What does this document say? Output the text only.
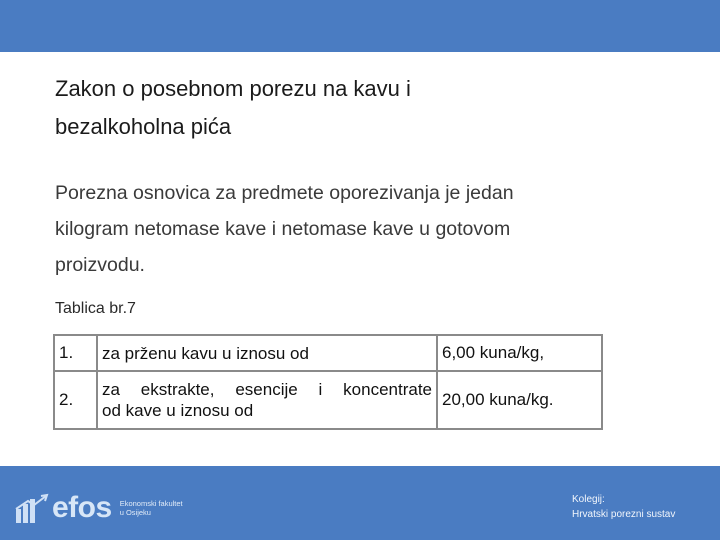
Zakon o posebnom porezu na kavu i
bezalkoholna pića
Porezna osnovica za predmete oporezivanja je jedan
kilogram netomase kave i netomase kave u gotovom
proizvodu.
Tablica br.7
1.	za prženu kavu u iznosu od	6,00 kuna/kg,
2.	za ekstrakte, esencije i koncentrate
od kave u iznosu od	20,00 kuna/kg.
efos Ekonomski fakultet
u Osijeku
Kolegij:
Hrvatski porezni sustav
